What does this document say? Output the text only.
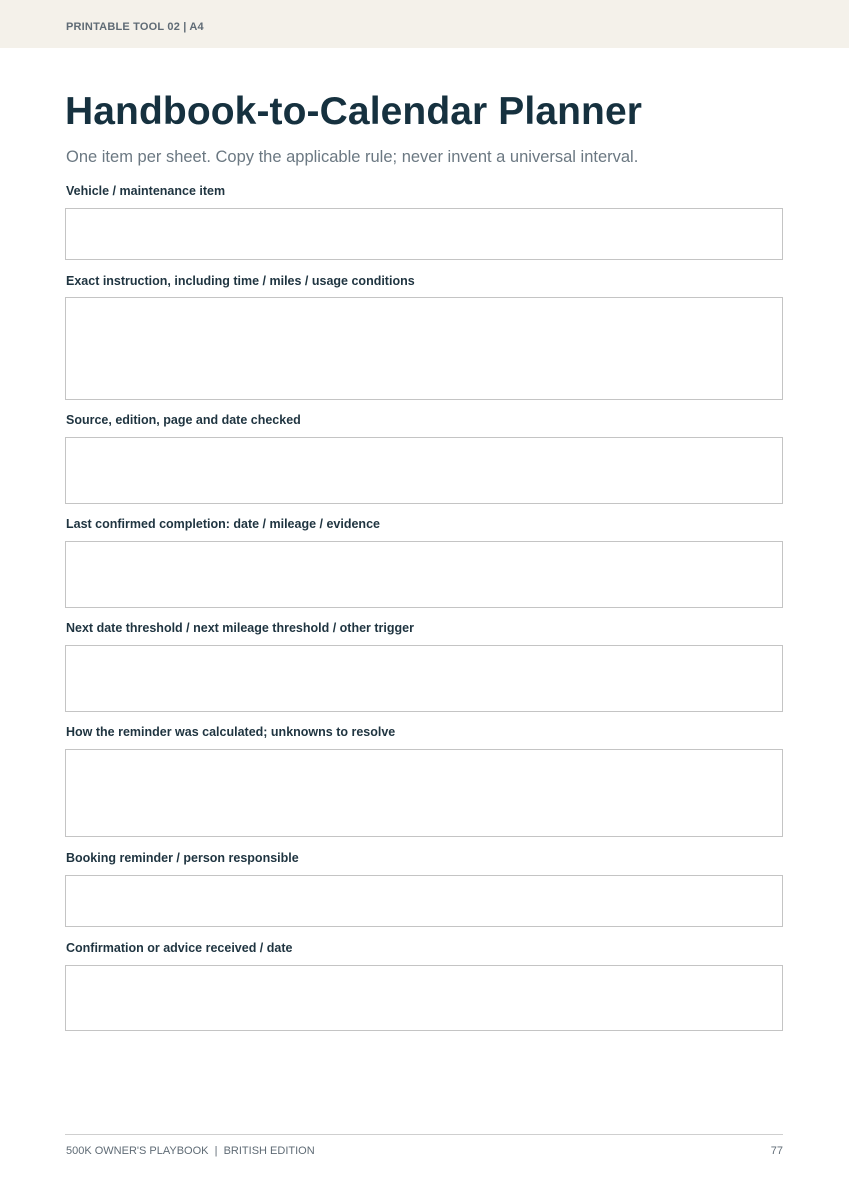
PRINTABLE TOOL 02 | A4
Handbook-to-Calendar Planner

One item per sheet. Copy the applicable rule; never invent a universal interval.

Vehicle / maintenance item
Exact instruction, including time / miles / usage conditions
Source, edition, page and date checked
Last confirmed completion: date / mileage / evidence
Next date threshold / next mileage threshold / other trigger
How the reminder was calculated; unknowns to resolve
Booking reminder / person responsible
Confirmation or advice received / date
500K OWNER'S PLAYBOOK  |  BRITISH EDITION	77
